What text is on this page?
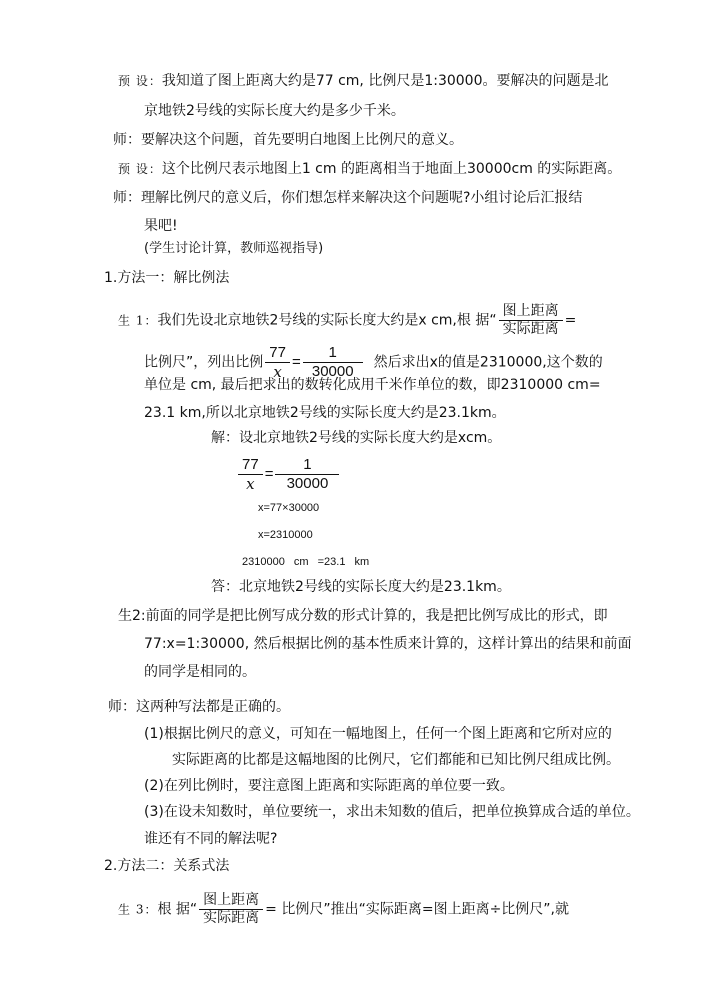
预 设：我知道了图上距离大约是77 cm, 比例尺是1:30000。要解决的问题是北
京地铁2号线的实际长度大约是多少千米。
师：要解决这个问题，首先要明白地图上比例尺的意义。
预 设：这个比例尺表示地图上1 cm 的距离相当于地面上30000cm 的实际距离。
师：理解比例尺的意义后，你们想怎样来解决这个问题呢?小组讨论后汇报结
果吧!
(学生讨论计算，教师巡视指导)
1.方法一：解比例法
生 1：我们先设北京地铁2号线的实际长度大约是x cm,根 据“ $\frac{\text{图上距离}}{\text{实际距离}}$ =
比例尺”，列出比例 $\frac{77}{x} = \frac{1}{30000}$ 然后求出x的值是2310000,这个数的
单位是 cm, 最后把求出的数转化成用千米作单位的数，即2310000 cm=
23.1 km,所以北京地铁2号线的实际长度大约是23.1km。
解：设北京地铁2号线的实际长度大约是xcm。
$\frac{77}{x} = \frac{1}{30000}$
x=77×30000
x=2310000
2310000 cm =23.1 km
答：北京地铁2号线的实际长度大约是23.1km。
生2:前面的同学是把比例写成分数的形式计算的，我是把比例写成比的形式，即
77:x=1:30000, 然后根据比例的基本性质来计算的，这样计算出的结果和前面
的同学是相同的。
师：这两种写法都是正确的。
(1)根据比例尺的意义，可知在一幅地图上，任何一个图上距离和它所对应的
实际距离的比都是这幅地图的比例尺，它们都能和已知比例尺组成比例。
(2)在列比例时，要注意图上距离和实际距离的单位要一致。
(3)在设未知数时，单位要统一，求出未知数的值后，把单位换算成合适的单位。
谁还有不同的解法呢?
2.方法二：关系式法
生 3：根 据“ $\frac{\text{图上距离}}{\text{实际距离}}$ = 比例尺”推出“实际距离=图上距离÷比例尺”,就
